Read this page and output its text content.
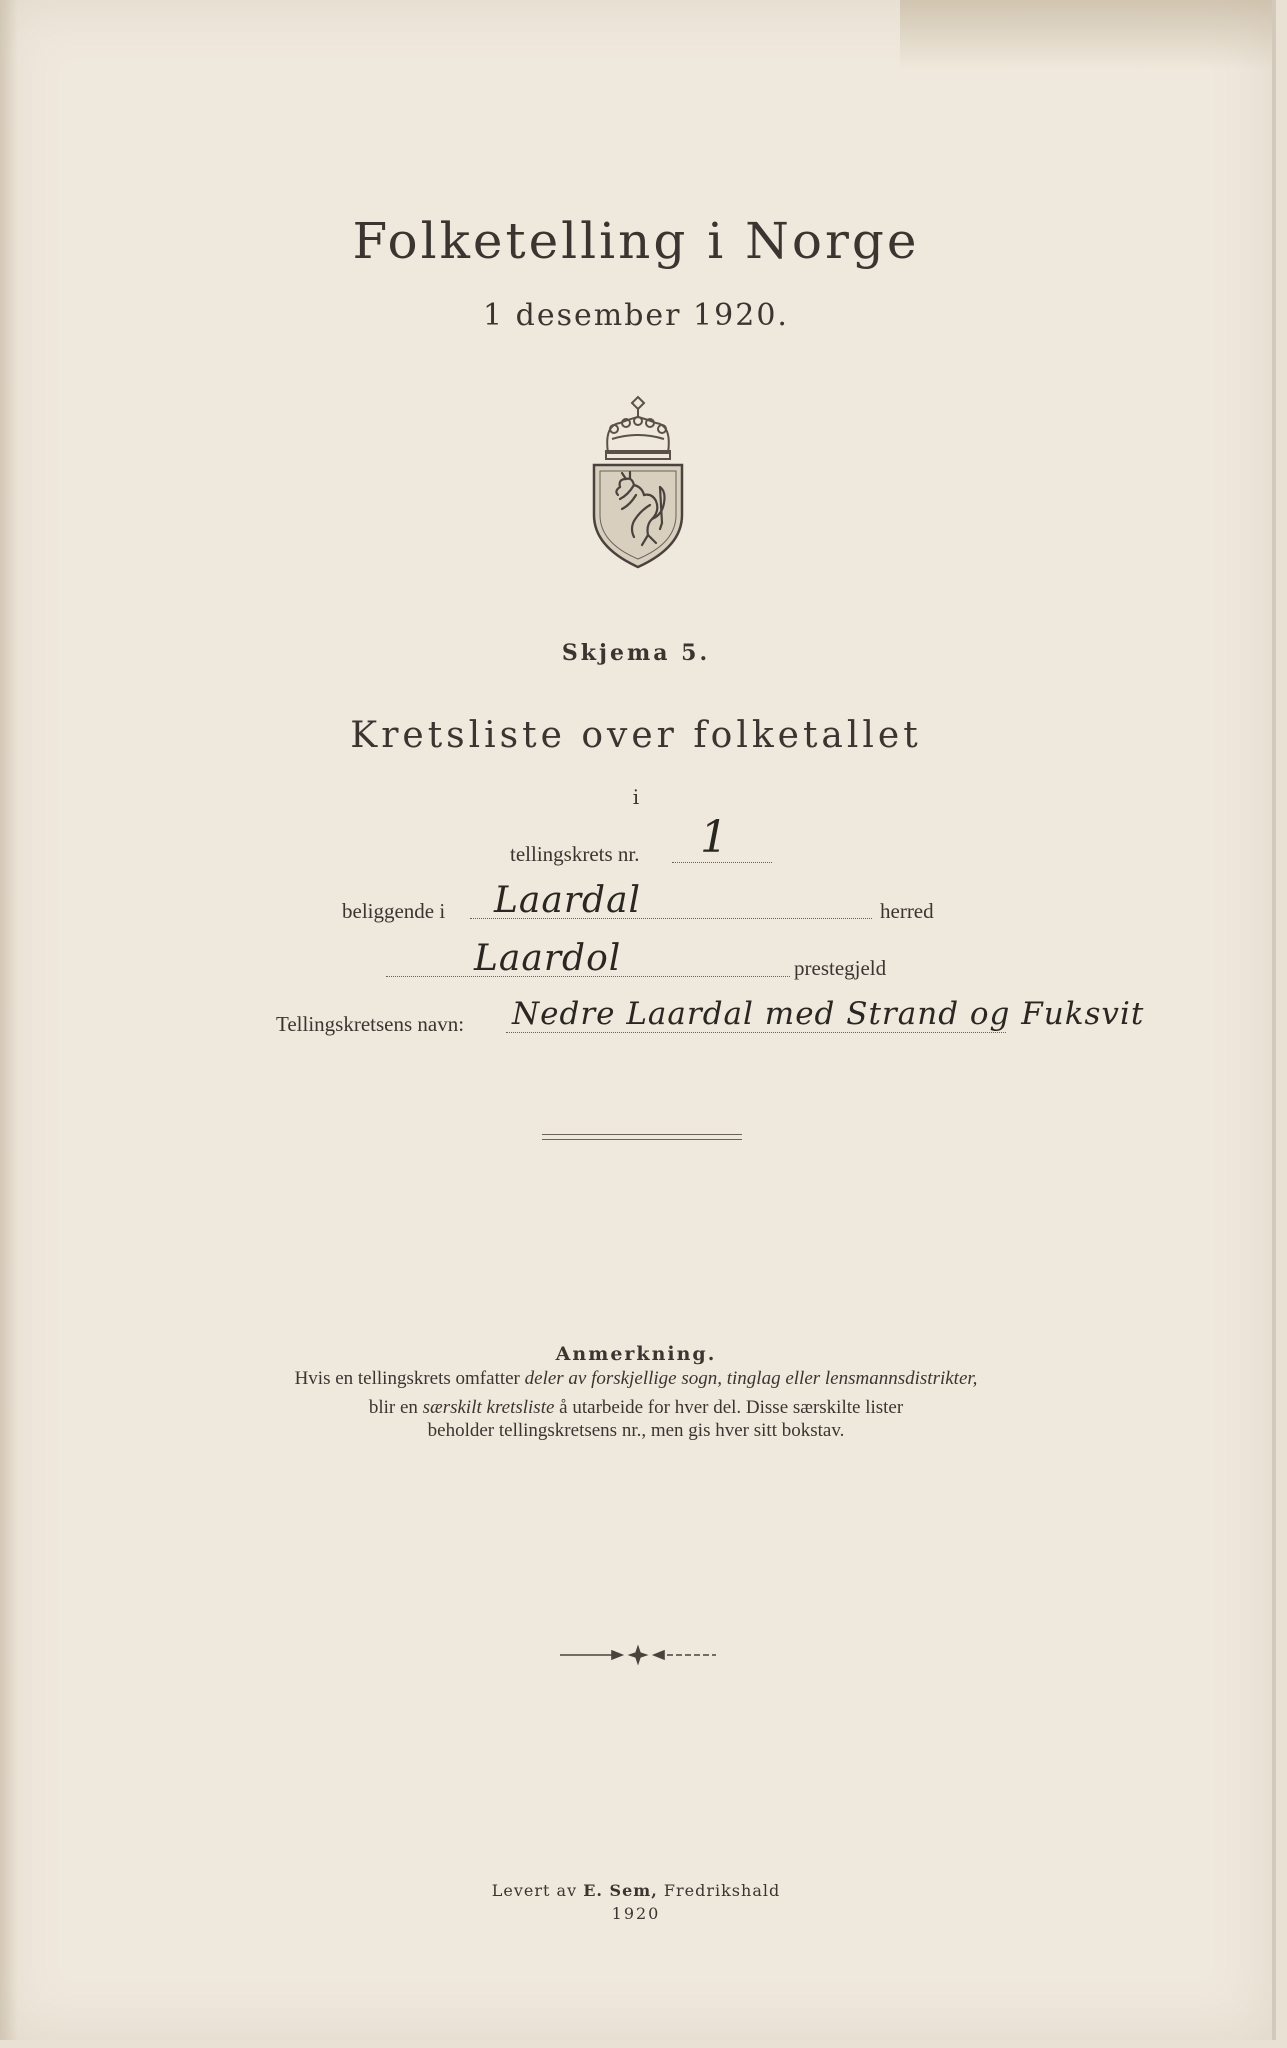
Folketelling i Norge
1 desember 1920.
Skjema 5.
Kretsliste over folketallet
i
tellingskrets nr. 1
beliggende i Laardal	herred
Laardol	prestegjeld
Tellingskretsens navn: Nedre Laardal med Strand og Fuksvit
Anmerkning.
Hvis en tellingskrets omfatter deler av forskjellige sogn, tinglag eller lensmannsdistrikter,
blir en særskilt kretsliste å utarbeide for hver del. Disse særskilte lister
beholder tellingskretsens nr., men gis hver sitt bokstav.
Levert av E. Sem, Fredrikshald
1920
